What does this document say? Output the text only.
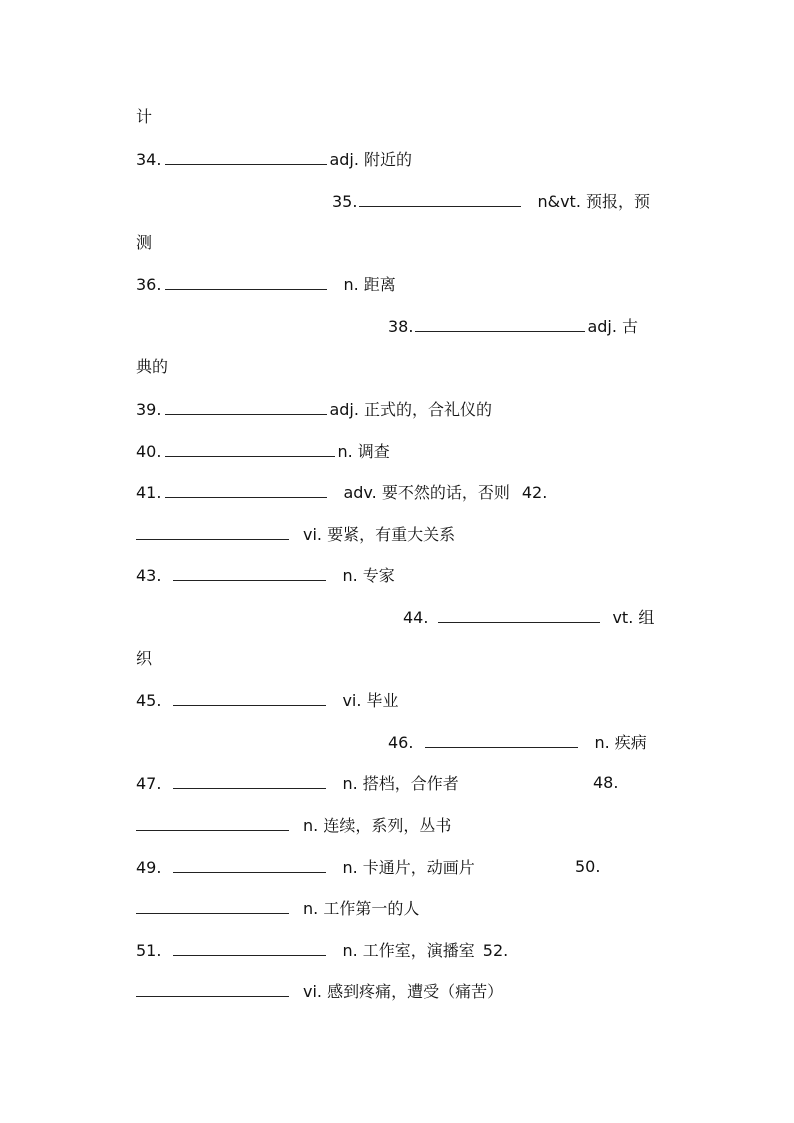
计
34.	adj. 附近的
35.	n&vt. 预报，预
测
36.	n. 距离
38.	adj. 古
典的
39.	adj. 正式的，合礼仪的
40.	n. 调查
41.	adv. 要不然的话，否则 42.
vi. 要紧，有重大关系
43.	n. 专家
44.	vt. 组
织
45.	vi. 毕业
46.	n. 疾病
47.	n. 搭档，合作者	48.
n. 连续，系列，丛书
49.	n. 卡通片，动画片	50.
n. 工作第一的人
51.	n. 工作室，演播室 52.
vi. 感到疼痛，遭受（痛苦）
